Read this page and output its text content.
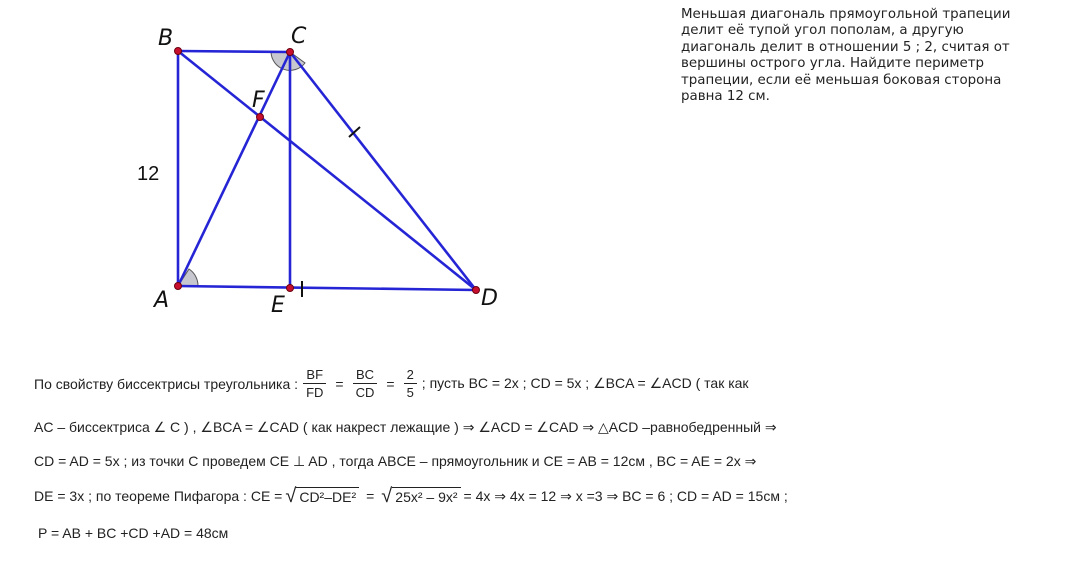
B	C
F
A	E	D
12

Меньшая диагональ прямоугольной трапеции делит её тупой угол пополам, а другую диагональ делит в отношении 5 ; 2, считая от вершины острого угла. Найдите периметр трапеции, если её меньшая боковая сторона равна 12 см.

По свойству биссектрисы треугольника : $\frac{BF}{FD} = \frac{BC}{CD} = \frac{2}{5}$ ; пусть BC = 2x ; CD = 5x ; ∠BCA = ∠ACD ( так как
AC – биссектриса ∠ C ) , ∠BCA = ∠CAD ( как накрест лежащие ) ⇒ ∠ACD = ∠CAD ⇒ △ACD –равнобедренный ⇒
CD = AD = 5x ; из точки C проведем CE ⊥ AD , тогда ABCE – прямоугольник и CE = AB = 12см , BC = AE = 2x ⇒
DE = 3x ; по теореме Пифагора : CE = √ CD²–DE² = √ 25x² – 9x² = 4x ⇒ 4x = 12 ⇒ x =3 ⇒ BC = 6 ; CD = AD = 15см ;
P = AB + BC +CD +AD = 48см
